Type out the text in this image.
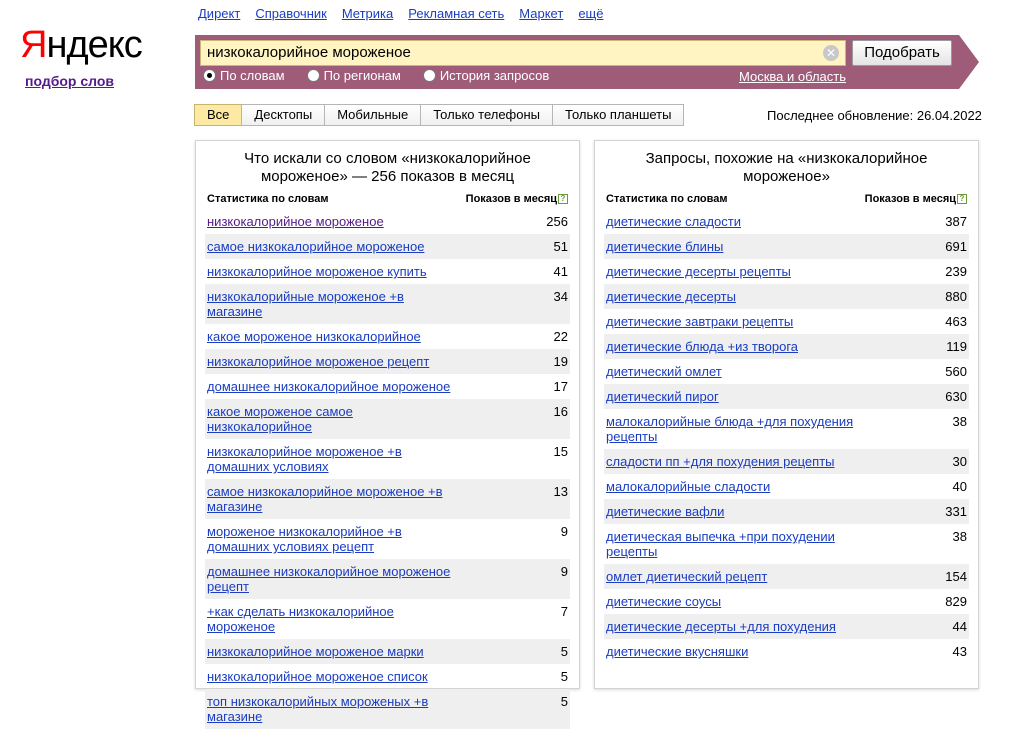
Яндекс
подбор слов
Директ Справочник Метрика Рекламная сеть Маркет ещё
низкокалорийное мороженое	✕	Подобрать
По словам	По регионам	История запросов	Москва и область
Все	Десктопы	Мобильные	Только телефоны	Только планшеты	Последнее обновление: 26.04.2022
Что искали со словом «низкокалорийное мороженое» — 256 показов в месяц
Статистика по словам	Показов в месяц ?
низкокалорийное мороженое	256
самое низкокалорийное мороженое	51
низкокалорийное мороженое купить	41
низкокалорийные мороженое +в магазине
34
какое мороженое низкокалорийное	22
низкокалорийное мороженое рецепт	19
домашнее низкокалорийное мороженое	17
какое мороженое самое низкокалорийное
16
низкокалорийное мороженое +в домашних условиях
15
самое низкокалорийное мороженое +в магазине
13
мороженое низкокалорийное +в домашних условиях рецепт
9
домашнее низкокалорийное мороженое рецепт
9
+как сделать низкокалорийное мороженое
7
низкокалорийное мороженое марки	5
низкокалорийное мороженое список	5
топ низкокалорийных мороженых +в магазине
5
Запросы, похожие на «низкокалорийное мороженое»
Статистика по словам	Показов в месяц ?
диетические сладости	387
диетические блины	691
диетические десерты рецепты	239
диетические десерты	880
диетические завтраки рецепты	463
диетические блюда +из творога	119
диетический омлет	560
диетический пирог	630
малокалорийные блюда +для похудения рецепты
38
сладости пп +для похудения рецепты	30
малокалорийные сладости	40
диетические вафли	331
диетическая выпечка +при похудении рецепты
38
омлет диетический рецепт	154
диетические соусы	829
диетические десерты +для похудения	44
диетические вкусняшки	43
